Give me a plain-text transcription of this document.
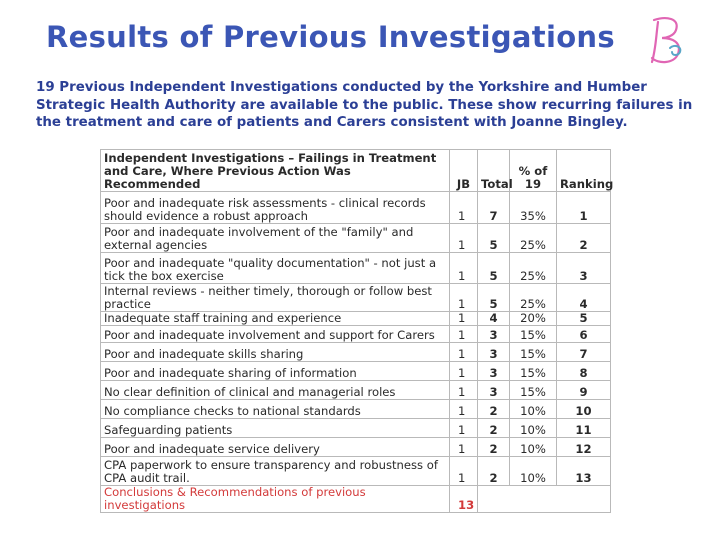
Results of Previous Investigations
19 Previous Independent Investigations conducted by the Yorkshire and Humber Strategic Health Authority are available to the public. These show recurring failures in the treatment and care of patients and Carers consistent with Joanne Bingley.
Independent Investigations – Failings in Treatment and Care, Where Previous Action Was Recommended	JB	Total	% of 19	Ranking
Poor and inadequate risk assessments - clinical records should evidence a robust approach	1	7	35%	1
Poor and inadequate involvement of the "family" and external agencies	1	5	25%	2
Poor and inadequate "quality documentation" - not just a tick the box exercise	1	5	25%	3
Internal reviews - neither timely, thorough or follow best practice	1	5	25%	4
Inadequate staff training and experience	1	4	20%	5
Poor and inadequate involvement and support for Carers	1	3	15%	6
Poor and inadequate skills sharing	1	3	15%	7
Poor and inadequate sharing of information	1	3	15%	8
No clear definition of clinical and managerial roles	1	3	15%	9
No compliance checks to national standards	1	2	10%	10
Safeguarding patients	1	2	10%	11
Poor and inadequate service delivery	1	2	10%	12
CPA paperwork to ensure transparency and robustness of CPA audit trail.	1	2	10%	13
Conclusions & Recommendations of previous investigations	13			
